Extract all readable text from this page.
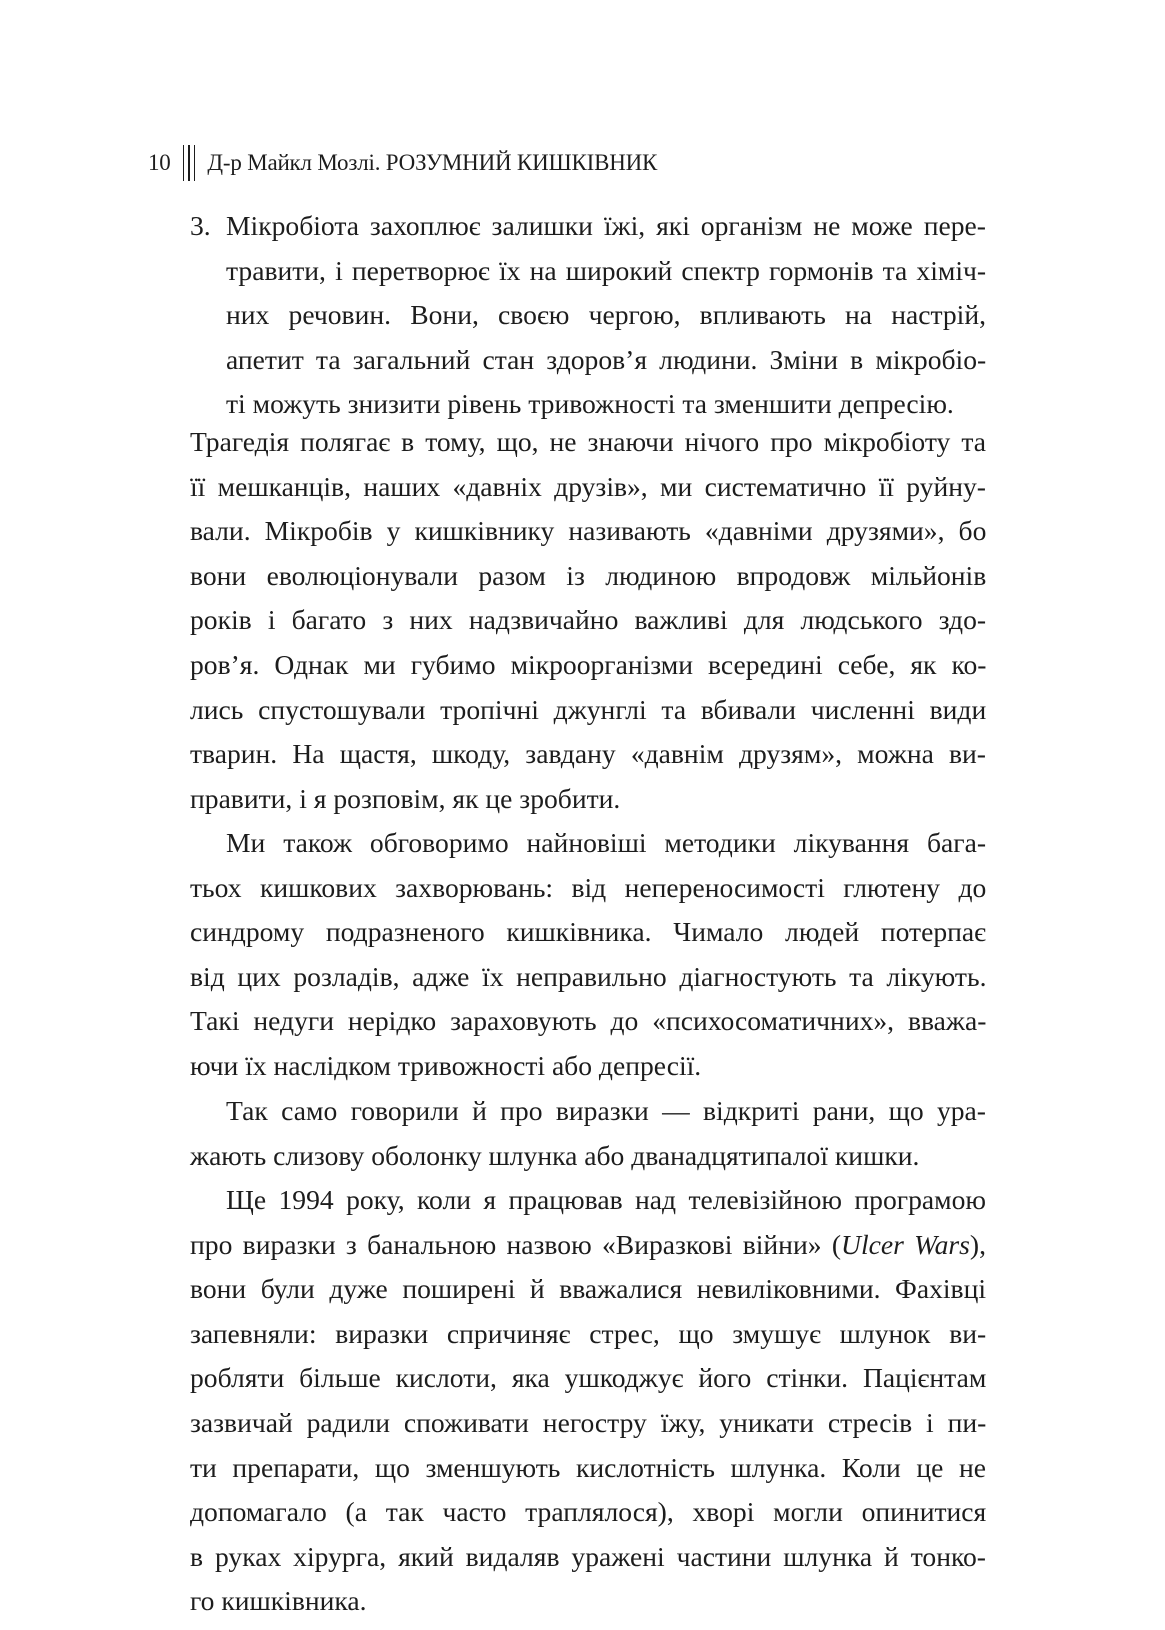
10 Д-р Майкл Мозлі. РОЗУМНИЙ КИШКІВНИК
3. Мікробіота захоплює залишки їжі, які організм не може пере-
травити, і перетворює їх на широкий спектр гормонів та хіміч-
них речовин. Вони, своєю чергою, впливають на настрій,
апетит та загальний стан здоров’я людини. Зміни в мікробіо-
ті можуть знизити рівень тривожності та зменшити депресію.
Трагедія полягає в тому, що, не знаючи нічого про мікробіоту та
її мешканців, наших «давніх друзів», ми систематично її руйну-
вали. Мікробів у кишківнику називають «давніми друзями», бо
вони еволюціонували разом із людиною впродовж мільйонів
років і багато з них надзвичайно важливі для людського здо-
ров’я. Однак ми губимо мікроорганізми всередині себе, як ко-
лись спустошували тропічні джунглі та вбивали численні види
тварин. На щастя, шкоду, завдану «давнім друзям», можна ви-
правити, і я розповім, як це зробити.
Ми також обговоримо найновіші методики лікування бага-
тьох кишкових захворювань: від непереносимості глютену до
синдрому подразненого кишківника. Чимало людей потерпає
від цих розладів, адже їх неправильно діагностують та лікують.
Такі недуги нерідко зараховують до «психосоматичних», вважа-
ючи їх наслідком тривожності або депресії.
Так само говорили й про виразки — відкриті рани, що ура-
жають слизову оболонку шлунка або дванадцятипалої кишки.
Ще 1994 року, коли я працював над телевізійною програмою
про виразки з банальною назвою «Виразкові війни» (Ulcer Wars),
вони були дуже поширені й вважалися невиліковними. Фахівці
запевняли: виразки спричиняє стрес, що змушує шлунок ви-
робляти більше кислоти, яка ушкоджує його стінки. Пацієнтам
зазвичай радили споживати негостру їжу, уникати стресів і пи-
ти препарати, що зменшують кислотність шлунка. Коли це не
допомагало (а так часто траплялося), хворі могли опинитися
в руках хірурга, який видаляв уражені частини шлунка й тонко-
го кишківника.
